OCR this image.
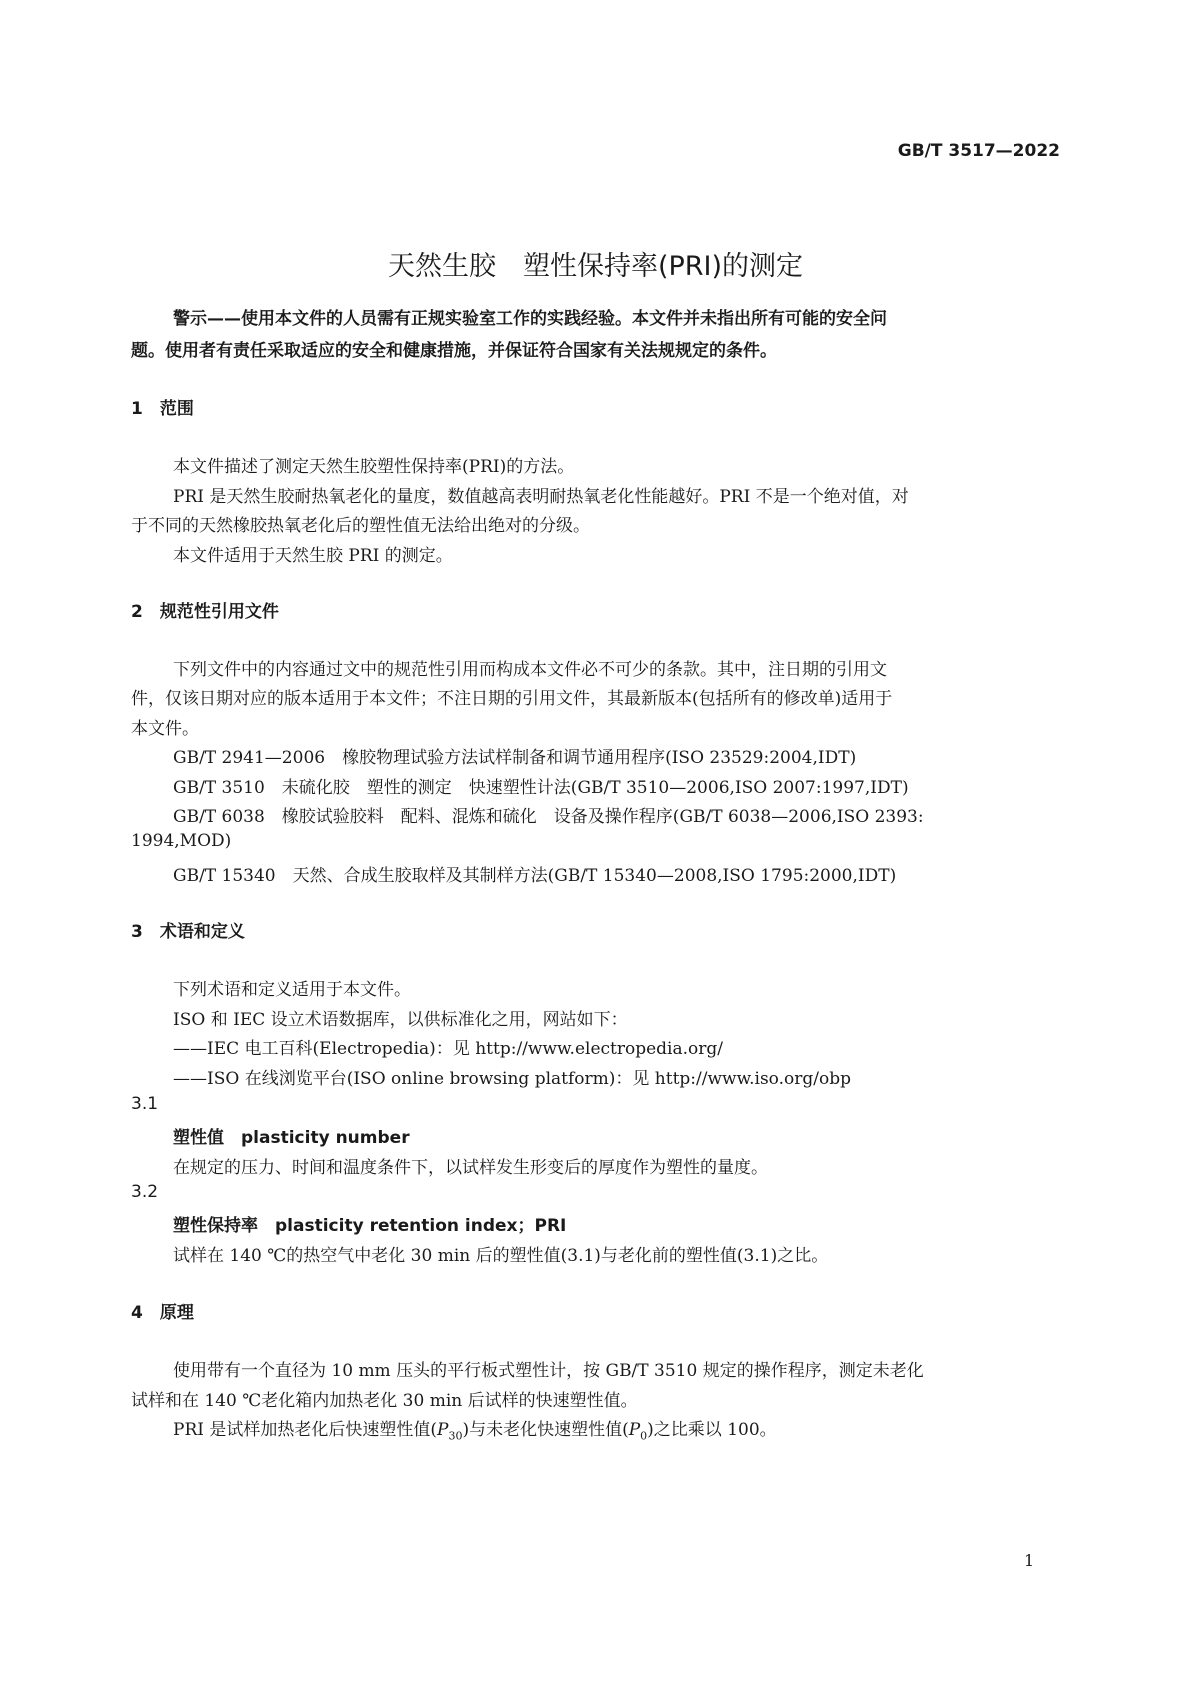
GB/T 3517—2022
天然生胶　塑性保持率(PRI)的测定
警示——使用本文件的人员需有正规实验室工作的实践经验。本文件并未指出所有可能的安全问
题。使用者有责任采取适应的安全和健康措施，并保证符合国家有关法规规定的条件。
1　范围
本文件描述了测定天然生胶塑性保持率(PRI)的方法。
PRI 是天然生胶耐热氧老化的量度，数值越高表明耐热氧老化性能越好。PRI 不是一个绝对值，对
于不同的天然橡胶热氧老化后的塑性值无法给出绝对的分级。
本文件适用于天然生胶 PRI 的测定。
2　规范性引用文件
下列文件中的内容通过文中的规范性引用而构成本文件必不可少的条款。其中，注日期的引用文
件，仅该日期对应的版本适用于本文件；不注日期的引用文件，其最新版本(包括所有的修改单)适用于
本文件。
GB/T 2941—2006　橡胶物理试验方法试样制备和调节通用程序(ISO 23529:2004,IDT)
GB/T 3510　未硫化胶　塑性的测定　快速塑性计法(GB/T 3510—2006,ISO 2007:1997,IDT)
GB/T 6038　橡胶试验胶料　配料、混炼和硫化　设备及操作程序(GB/T 6038—2006,ISO 2393:
1994,MOD)
GB/T 15340　天然、合成生胶取样及其制样方法(GB/T 15340—2008,ISO 1795:2000,IDT)
3　术语和定义
下列术语和定义适用于本文件。
ISO 和 IEC 设立术语数据库，以供标准化之用，网站如下：
——IEC 电工百科(Electropedia)：见 http://www.electropedia.org/
——ISO 在线浏览平台(ISO online browsing platform)：见 http://www.iso.org/obp
3.1
塑性值　plasticity number
在规定的压力、时间和温度条件下，以试样发生形变后的厚度作为塑性的量度。
3.2
塑性保持率　plasticity retention index；PRI
试样在 140 ℃的热空气中老化 30 min 后的塑性值(3.1)与老化前的塑性值(3.1)之比。
4　原理
使用带有一个直径为 10 mm 压头的平行板式塑性计，按 GB/T 3510 规定的操作程序，测定未老化
试样和在 140 ℃老化箱内加热老化 30 min 后试样的快速塑性值。
PRI 是试样加热老化后快速塑性值$(P_{30})$与未老化快速塑性值$(P_0)$之比乘以 100。
1
